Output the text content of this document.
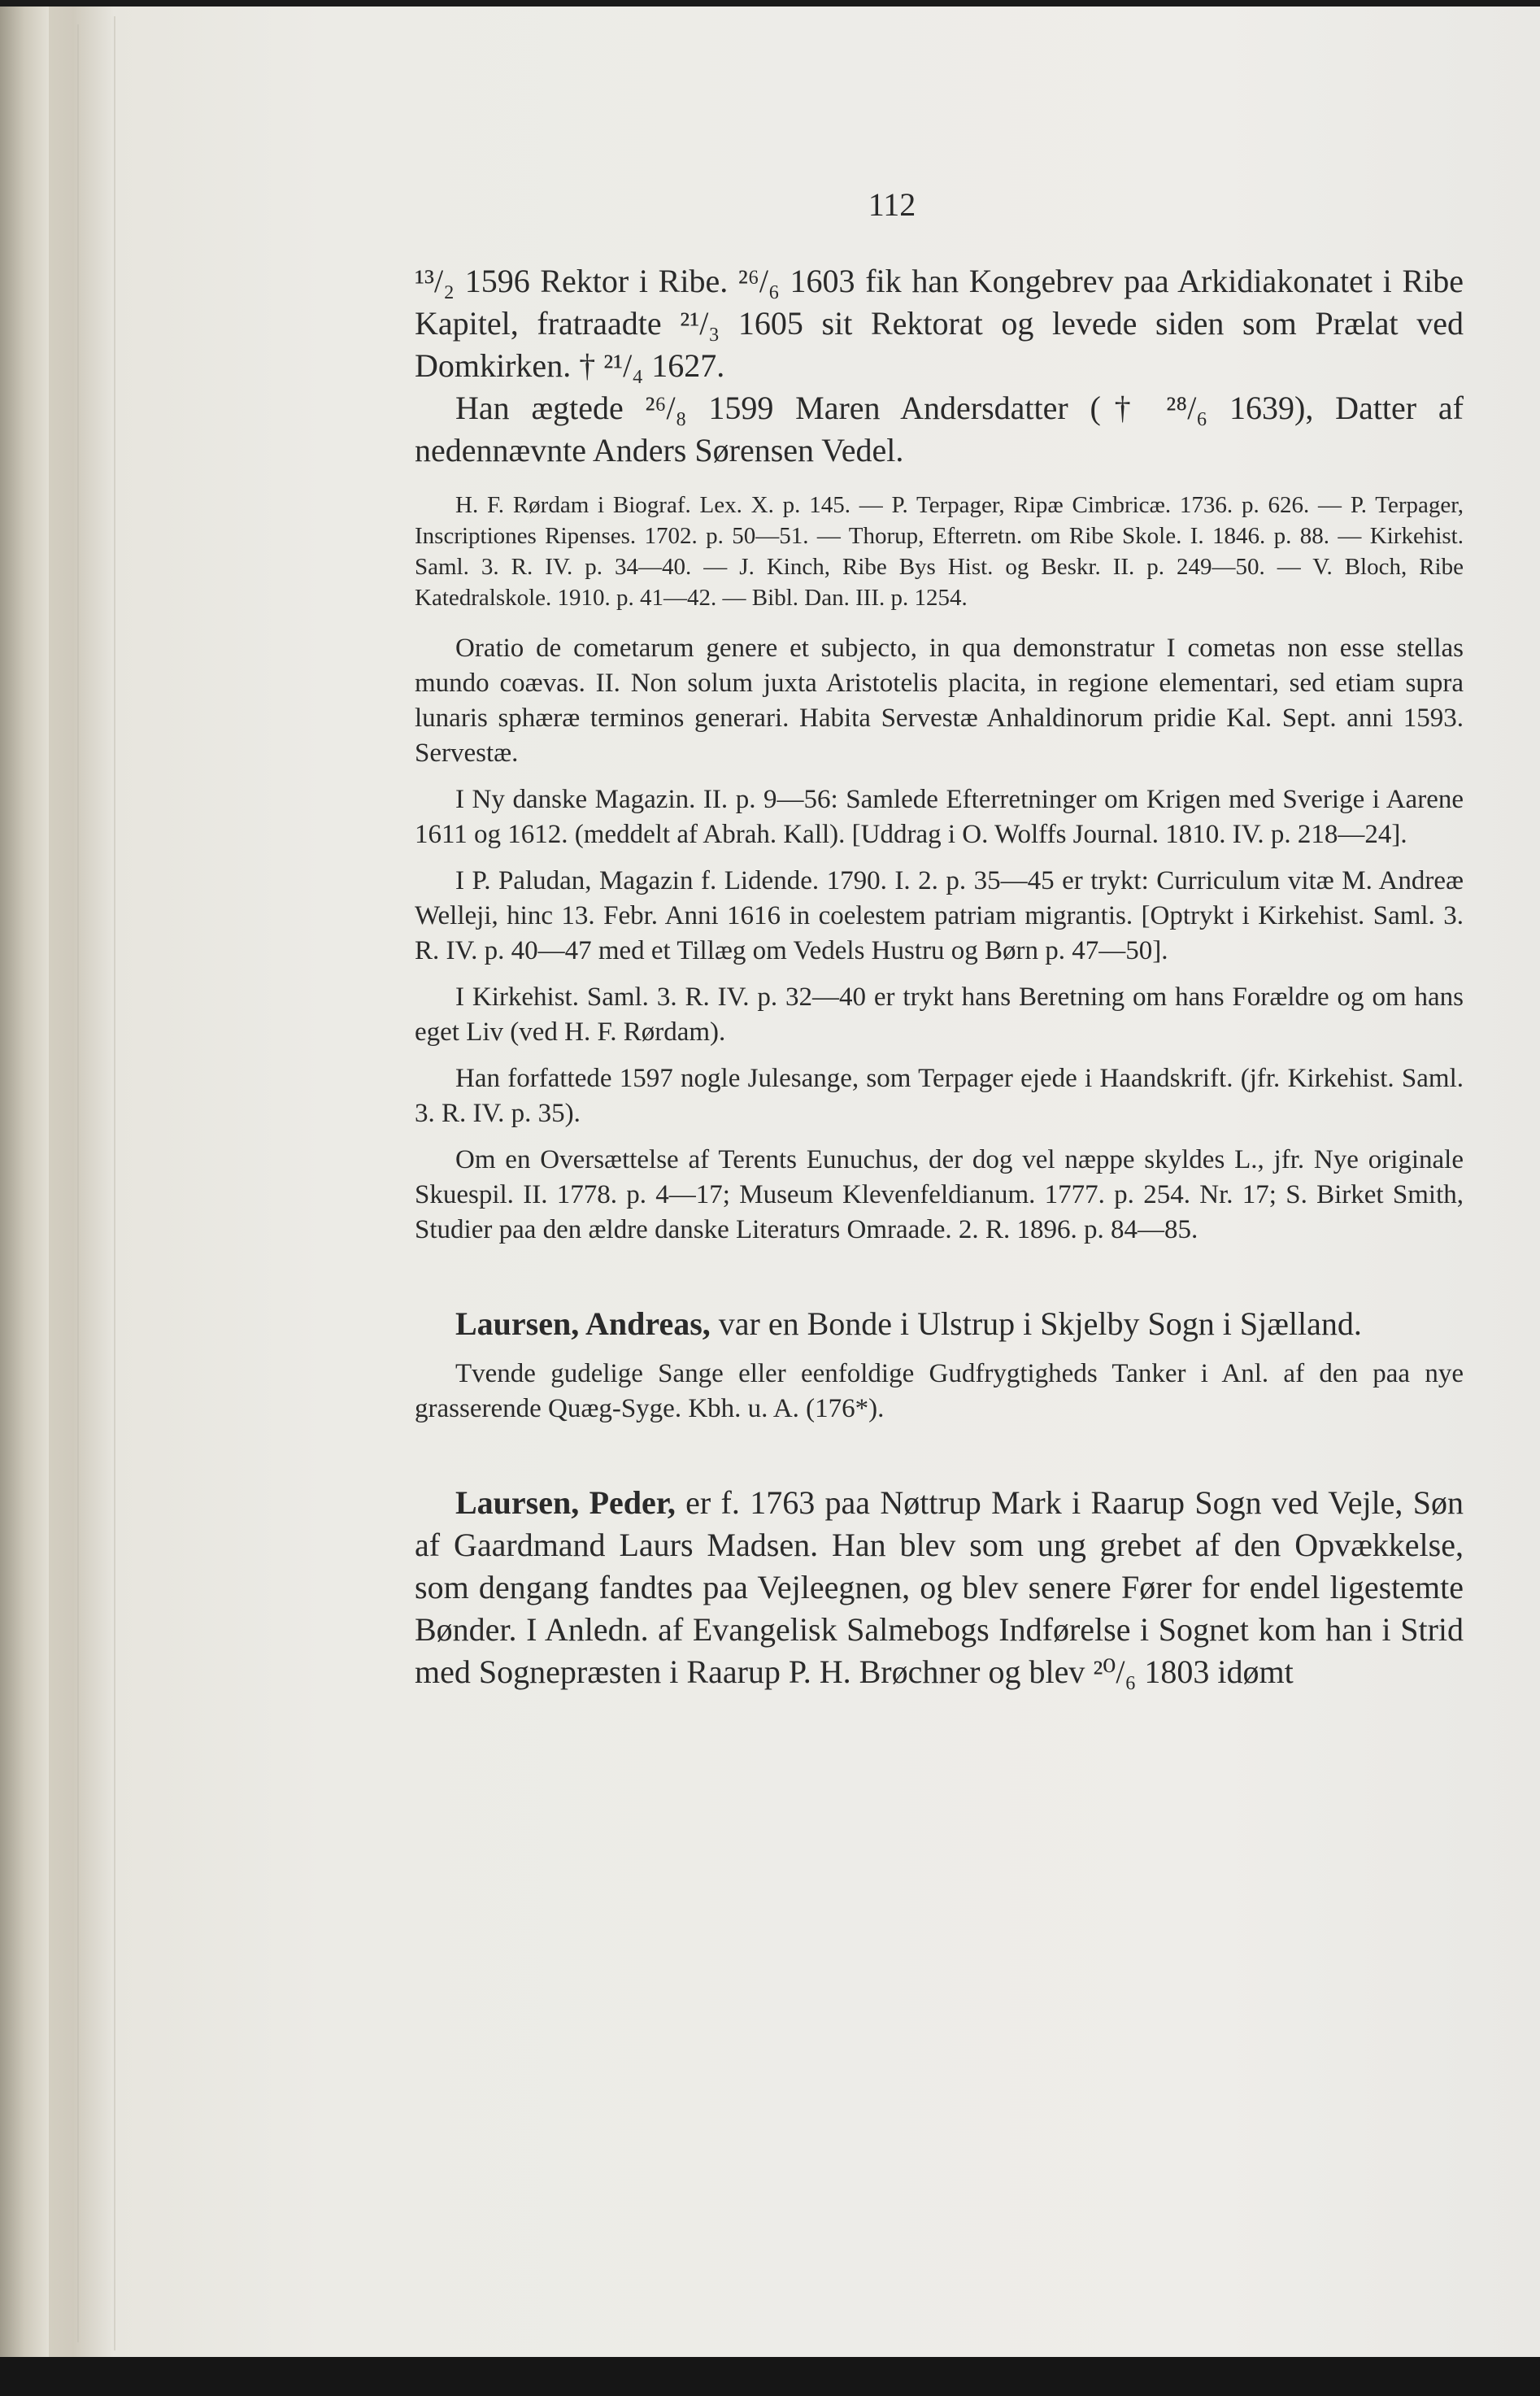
112

¹³/₂ 1596 Rektor i Ribe. ²⁶/₆ 1603 fik han Kongebrev paa Arkidiakonatet i Ribe Kapitel, fratraadte ²¹/₃ 1605 sit Rektorat og levede siden som Prælat ved Domkirken. † ²¹/₄ 1627.

Han ægtede ²⁶/₈ 1599 Maren Andersdatter († ²⁸/₆ 1639), Datter af nedennævnte Anders Sørensen Vedel.

H. F. Rørdam i Biograf. Lex. X. p. 145. — P. Terpager, Ripæ Cimbricæ. 1736. p. 626. — P. Terpager, Inscriptiones Ripenses. 1702. p. 50—51. — Thorup, Efterretn. om Ribe Skole. I. 1846. p. 88. — Kirkehist. Saml. 3. R. IV. p. 34—40. — J. Kinch, Ribe Bys Hist. og Beskr. II. p. 249—50. — V. Bloch, Ribe Katedralskole. 1910. p. 41—42. — Bibl. Dan. III. p. 1254.

Oratio de cometarum genere et subjecto, in qua demonstratur I cometas non esse stellas mundo coævas. II. Non solum juxta Aristotelis placita, in regione elementari, sed etiam supra lunaris sphæræ terminos generari. Habita Servestæ Anhaldinorum pridie Kal. Sept. anni 1593. Servestæ.

I Ny danske Magazin. II. p. 9—56: Samlede Efterretninger om Krigen med Sverige i Aarene 1611 og 1612. (meddelt af Abrah. Kall). [Uddrag i O. Wolffs Journal. 1810. IV. p. 218—24].

I P. Paludan, Magazin f. Lidende. 1790. I. 2. p. 35—45 er trykt: Curriculum vitæ M. Andreæ Welleji, hinc 13. Febr. Anni 1616 in coelestem patriam migrantis. [Optrykt i Kirkehist. Saml. 3. R. IV. p. 40—47 med et Tillæg om Vedels Hustru og Børn p. 47—50].

I Kirkehist. Saml. 3. R. IV. p. 32—40 er trykt hans Beretning om hans Forældre og om hans eget Liv (ved H. F. Rørdam).

Han forfattede 1597 nogle Julesange, som Terpager ejede i Haandskrift. (jfr. Kirkehist. Saml. 3. R. IV. p. 35).

Om en Oversættelse af Terents Eunuchus, der dog vel næppe skyldes L., jfr. Nye originale Skuespil. II. 1778. p. 4—17; Museum Klevenfeldianum. 1777. p. 254. Nr. 17; S. Birket Smith, Studier paa den ældre danske Literaturs Omraade. 2. R. 1896. p. 84—85.

Laursen, Andreas, var en Bonde i Ulstrup i Skjelby Sogn i Sjælland.

Tvende gudelige Sange eller eenfoldige Gudfrygtigheds Tanker i Anl. af den paa nye grasserende Quæg-Syge. Kbh. u. A. (176*).

Laursen, Peder, er f. 1763 paa Nøttrup Mark i Raarup Sogn ved Vejle, Søn af Gaardmand Laurs Madsen. Han blev som ung grebet af den Opvækkelse, som dengang fandtes paa Vejleegnen, og blev senere Fører for endel ligestemte Bønder. I Anledn. af Evangelisk Salmebogs Indførelse i Sognet kom han i Strid med Sognepræsten i Raarup P. H. Brøchner og blev ²⁰/₆ 1803 idømt
